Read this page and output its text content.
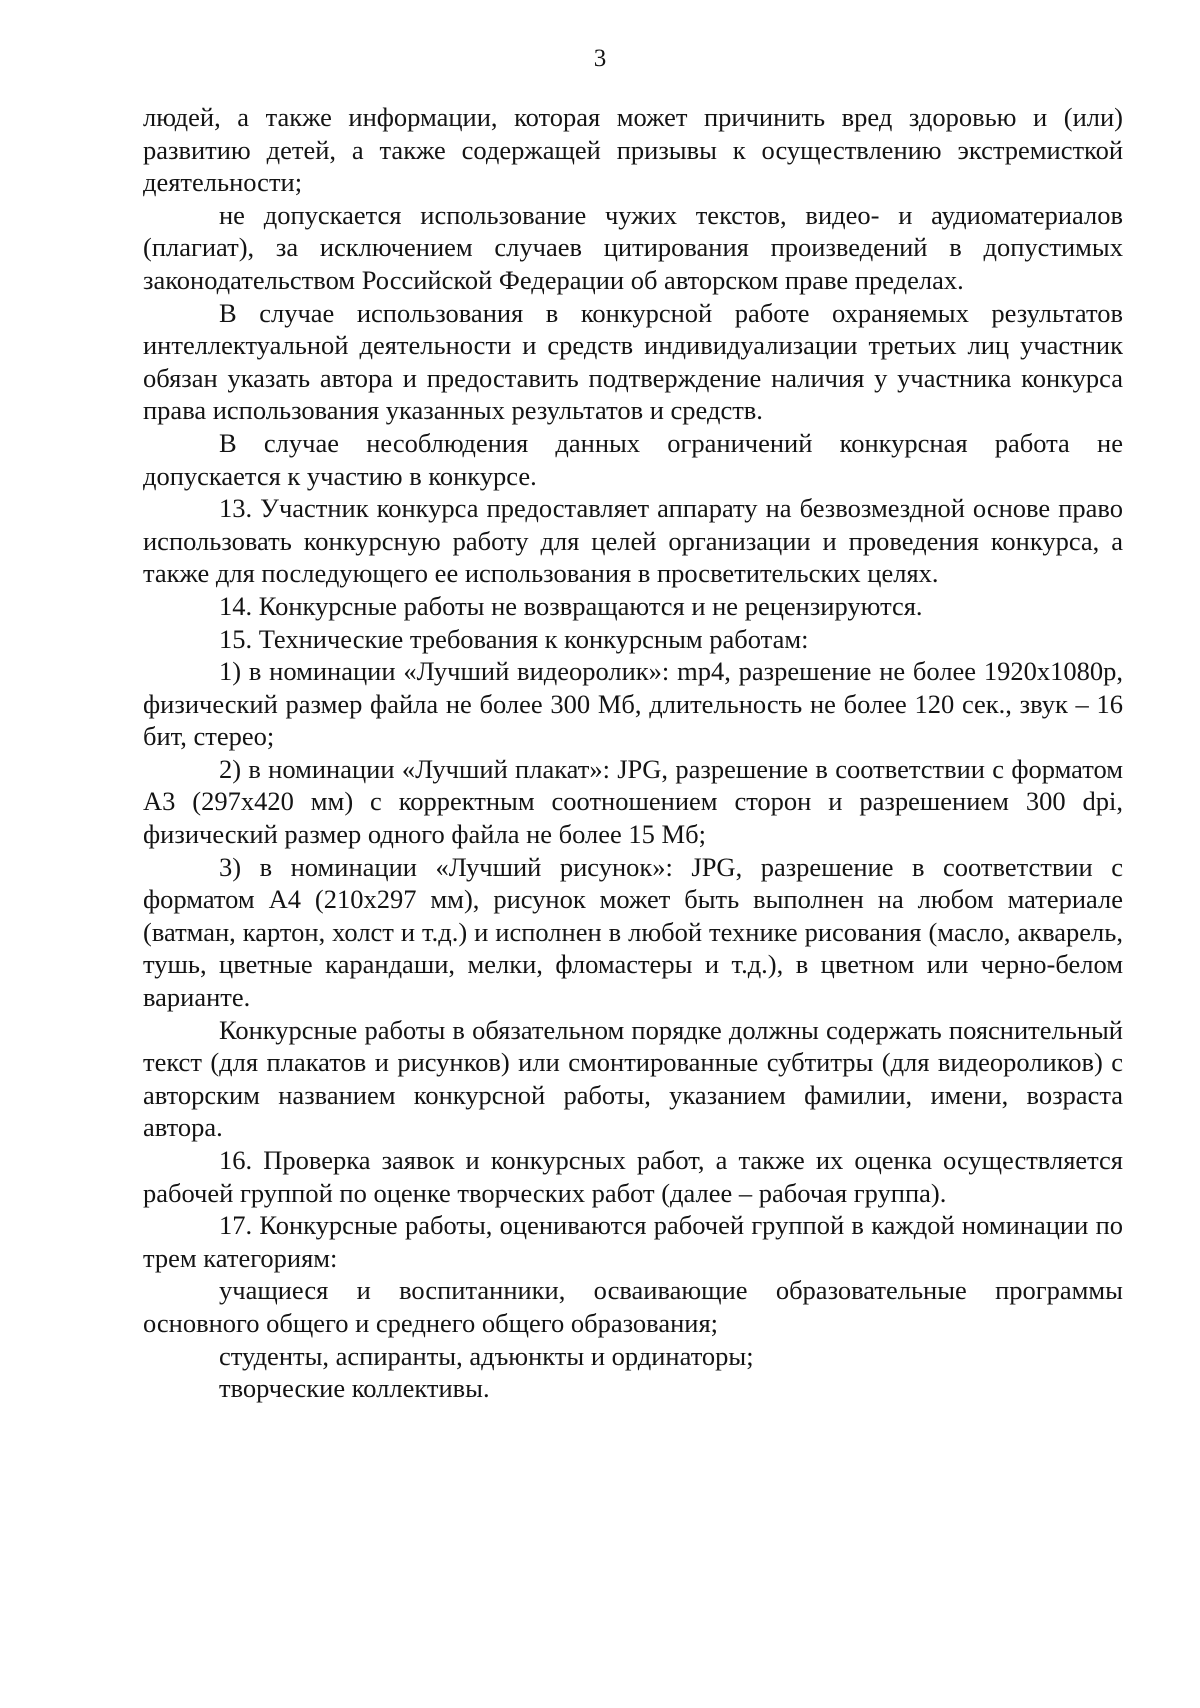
3

людей, а также информации, которая может причинить вред здоровью и (или) развитию детей, а также содержащей призывы к осуществлению экстремисткой деятельности;

не допускается использование чужих текстов, видео- и аудиоматериалов (плагиат), за исключением случаев цитирования произведений в допустимых законодательством Российской Федерации об авторском праве пределах.

В случае использования в конкурсной работе охраняемых результатов интеллектуальной деятельности и средств индивидуализации третьих лиц участник обязан указать автора и предоставить подтверждение наличия у участника конкурса права использования указанных результатов и средств.

В случае несоблюдения данных ограничений конкурсная работа не допускается к участию в конкурсе.

13. Участник конкурса предоставляет аппарату на безвозмездной основе право использовать конкурсную работу для целей организации и проведения конкурса, а также для последующего ее использования в просветительских целях.

14. Конкурсные работы не возвращаются и не рецензируются.

15. Технические требования к конкурсным работам:

1) в номинации «Лучший видеоролик»: mp4, разрешение не более 1920x1080p, физический размер файла не более 300 Мб, длительность не более 120 сек., звук – 16 бит, стерео;

2) в номинации «Лучший плакат»: JPG, разрешение в соответствии с форматом А3 (297x420 мм) с корректным соотношением сторон и разрешением 300 dpi, физический размер одного файла не более 15 Мб;

3) в номинации «Лучший рисунок»: JPG, разрешение в соответствии с форматом А4 (210x297 мм), рисунок может быть выполнен на любом материале (ватман, картон, холст и т.д.) и исполнен в любой технике рисования (масло, акварель, тушь, цветные карандаши, мелки, фломастеры и т.д.), в цветном или черно-белом варианте.

Конкурсные работы в обязательном порядке должны содержать пояснительный текст (для плакатов и рисунков) или смонтированные субтитры (для видеороликов) с авторским названием конкурсной работы, указанием фамилии, имени, возраста автора.

16. Проверка заявок и конкурсных работ, а также их оценка осуществляется рабочей группой по оценке творческих работ (далее – рабочая группа).

17. Конкурсные работы, оцениваются рабочей группой в каждой номинации по трем категориям:

учащиеся и воспитанники, осваивающие образовательные программы основного общего и среднего общего образования;

студенты, аспиранты, адъюнкты и ординаторы;

творческие коллективы.
